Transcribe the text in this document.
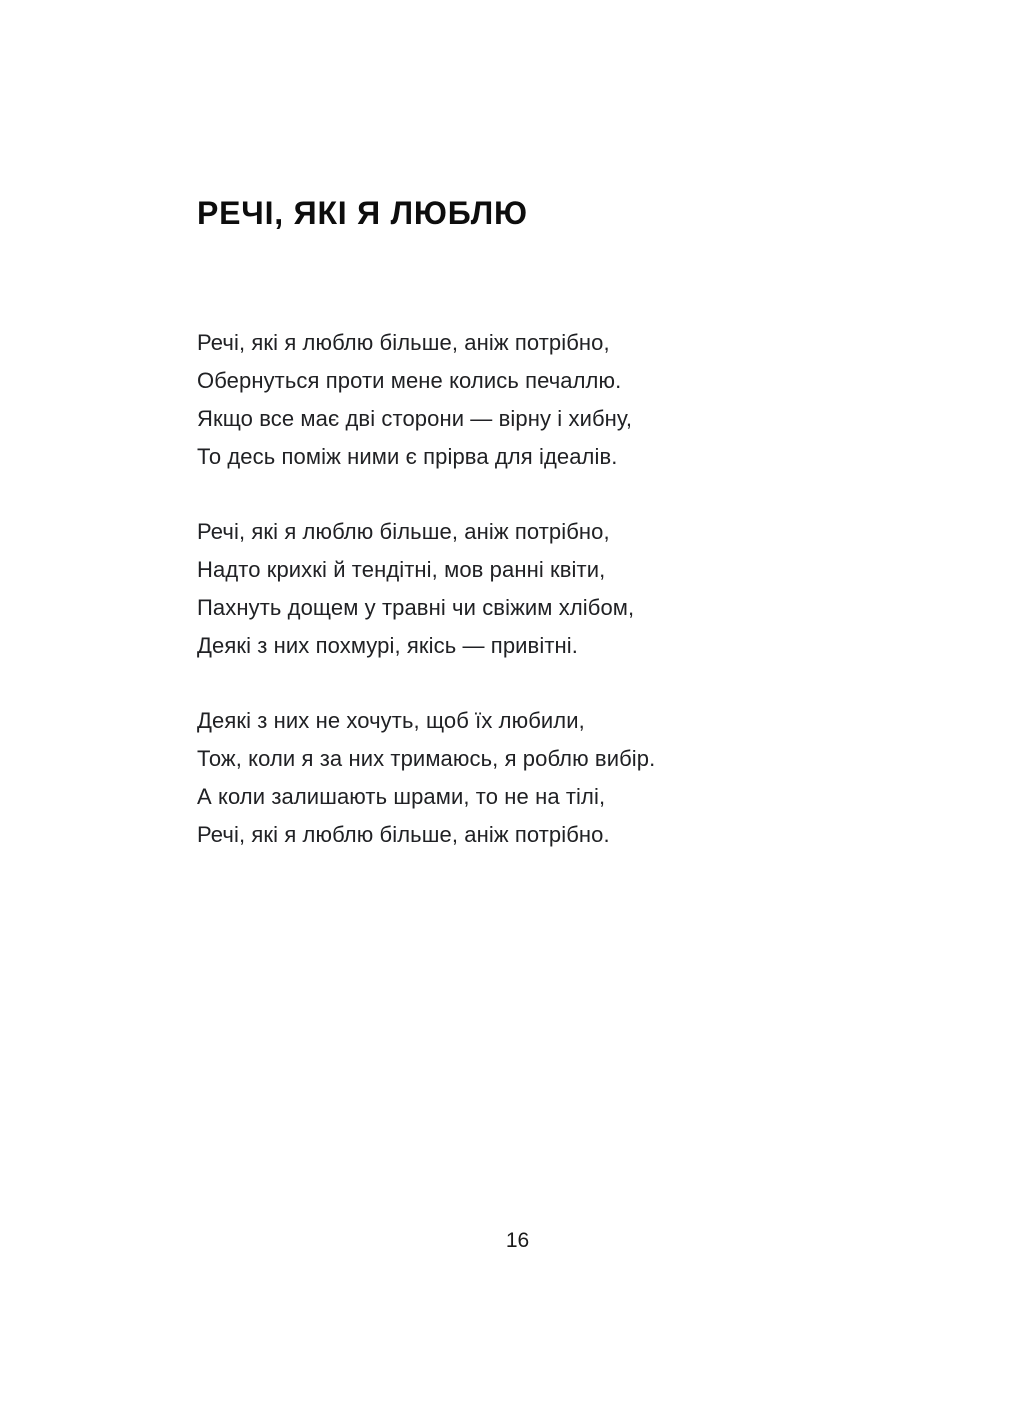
РЕЧІ, ЯКІ Я ЛЮБЛЮ
Речі, які я люблю більше, аніж потрібно,
Обернуться проти мене колись печаллю.
Якщо все має дві сторони — вірну і хибну,
То десь поміж ними є прірва для ідеалів.
Речі, які я люблю більше, аніж потрібно,
Надто крихкі й тендітні, мов ранні квіти,
Пахнуть дощем у травні чи свіжим хлібом,
Деякі з них похмурі, якісь — привітні.
Деякі з них не хочуть, щоб їх любили,
Тож, коли я за них тримаюсь, я роблю вибір.
А коли залишають шрами, то не на тілі,
Речі, які я люблю більше, аніж потрібно.
16
